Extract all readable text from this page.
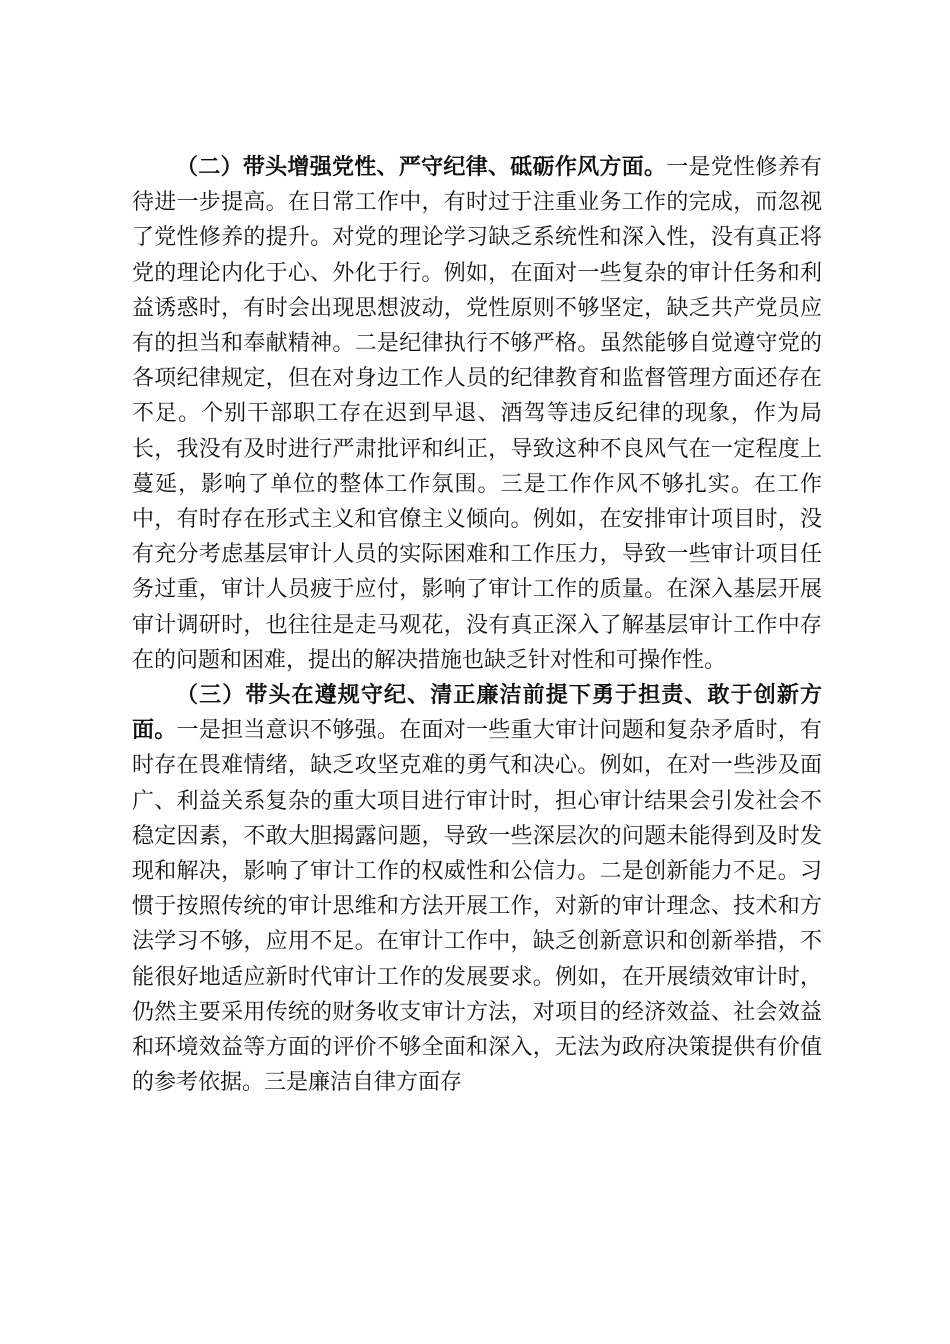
（二）带头增强党性、严守纪律、砥砺作风方面。一是党性修养有待进一步提高。在日常工作中，有时过于注重业务工作的完成，而忽视了党性修养的提升。对党的理论学习缺乏系统性和深入性，没有真正将党的理论内化于心、外化于行。例如，在面对一些复杂的审计任务和利益诱惑时，有时会出现思想波动，党性原则不够坚定，缺乏共产党员应有的担当和奉献精神。二是纪律执行不够严格。虽然能够自觉遵守党的各项纪律规定，但在对身边工作人员的纪律教育和监督管理方面还存在不足。个别干部职工存在迟到早退、酒驾等违反纪律的现象，作为局长，我没有及时进行严肃批评和纠正，导致这种不良风气在一定程度上蔓延，影响了单位的整体工作氛围。三是工作作风不够扎实。在工作中，有时存在形式主义和官僚主义倾向。例如，在安排审计项目时，没有充分考虑基层审计人员的实际困难和工作压力，导致一些审计项目任务过重，审计人员疲于应付，影响了审计工作的质量。在深入基层开展审计调研时，也往往是走马观花，没有真正深入了解基层审计工作中存在的问题和困难，提出的解决措施也缺乏针对性和可操作性。

（三）带头在遵规守纪、清正廉洁前提下勇于担责、敢于创新方面。一是担当意识不够强。在面对一些重大审计问题和复杂矛盾时，有时存在畏难情绪，缺乏攻坚克难的勇气和决心。例如，在对一些涉及面广、利益关系复杂的重大项目进行审计时，担心审计结果会引发社会不稳定因素，不敢大胆揭露问题，导致一些深层次的问题未能得到及时发现和解决，影响了审计工作的权威性和公信力。二是创新能力不足。习惯于按照传统的审计思维和方法开展工作，对新的审计理念、技术和方法学习不够，应用不足。在审计工作中，缺乏创新意识和创新举措，不能很好地适应新时代审计工作的发展要求。例如，在开展绩效审计时，仍然主要采用传统的财务收支审计方法，对项目的经济效益、社会效益和环境效益等方面的评价不够全面和深入，无法为政府决策提供有价值的参考依据。三是廉洁自律方面存
